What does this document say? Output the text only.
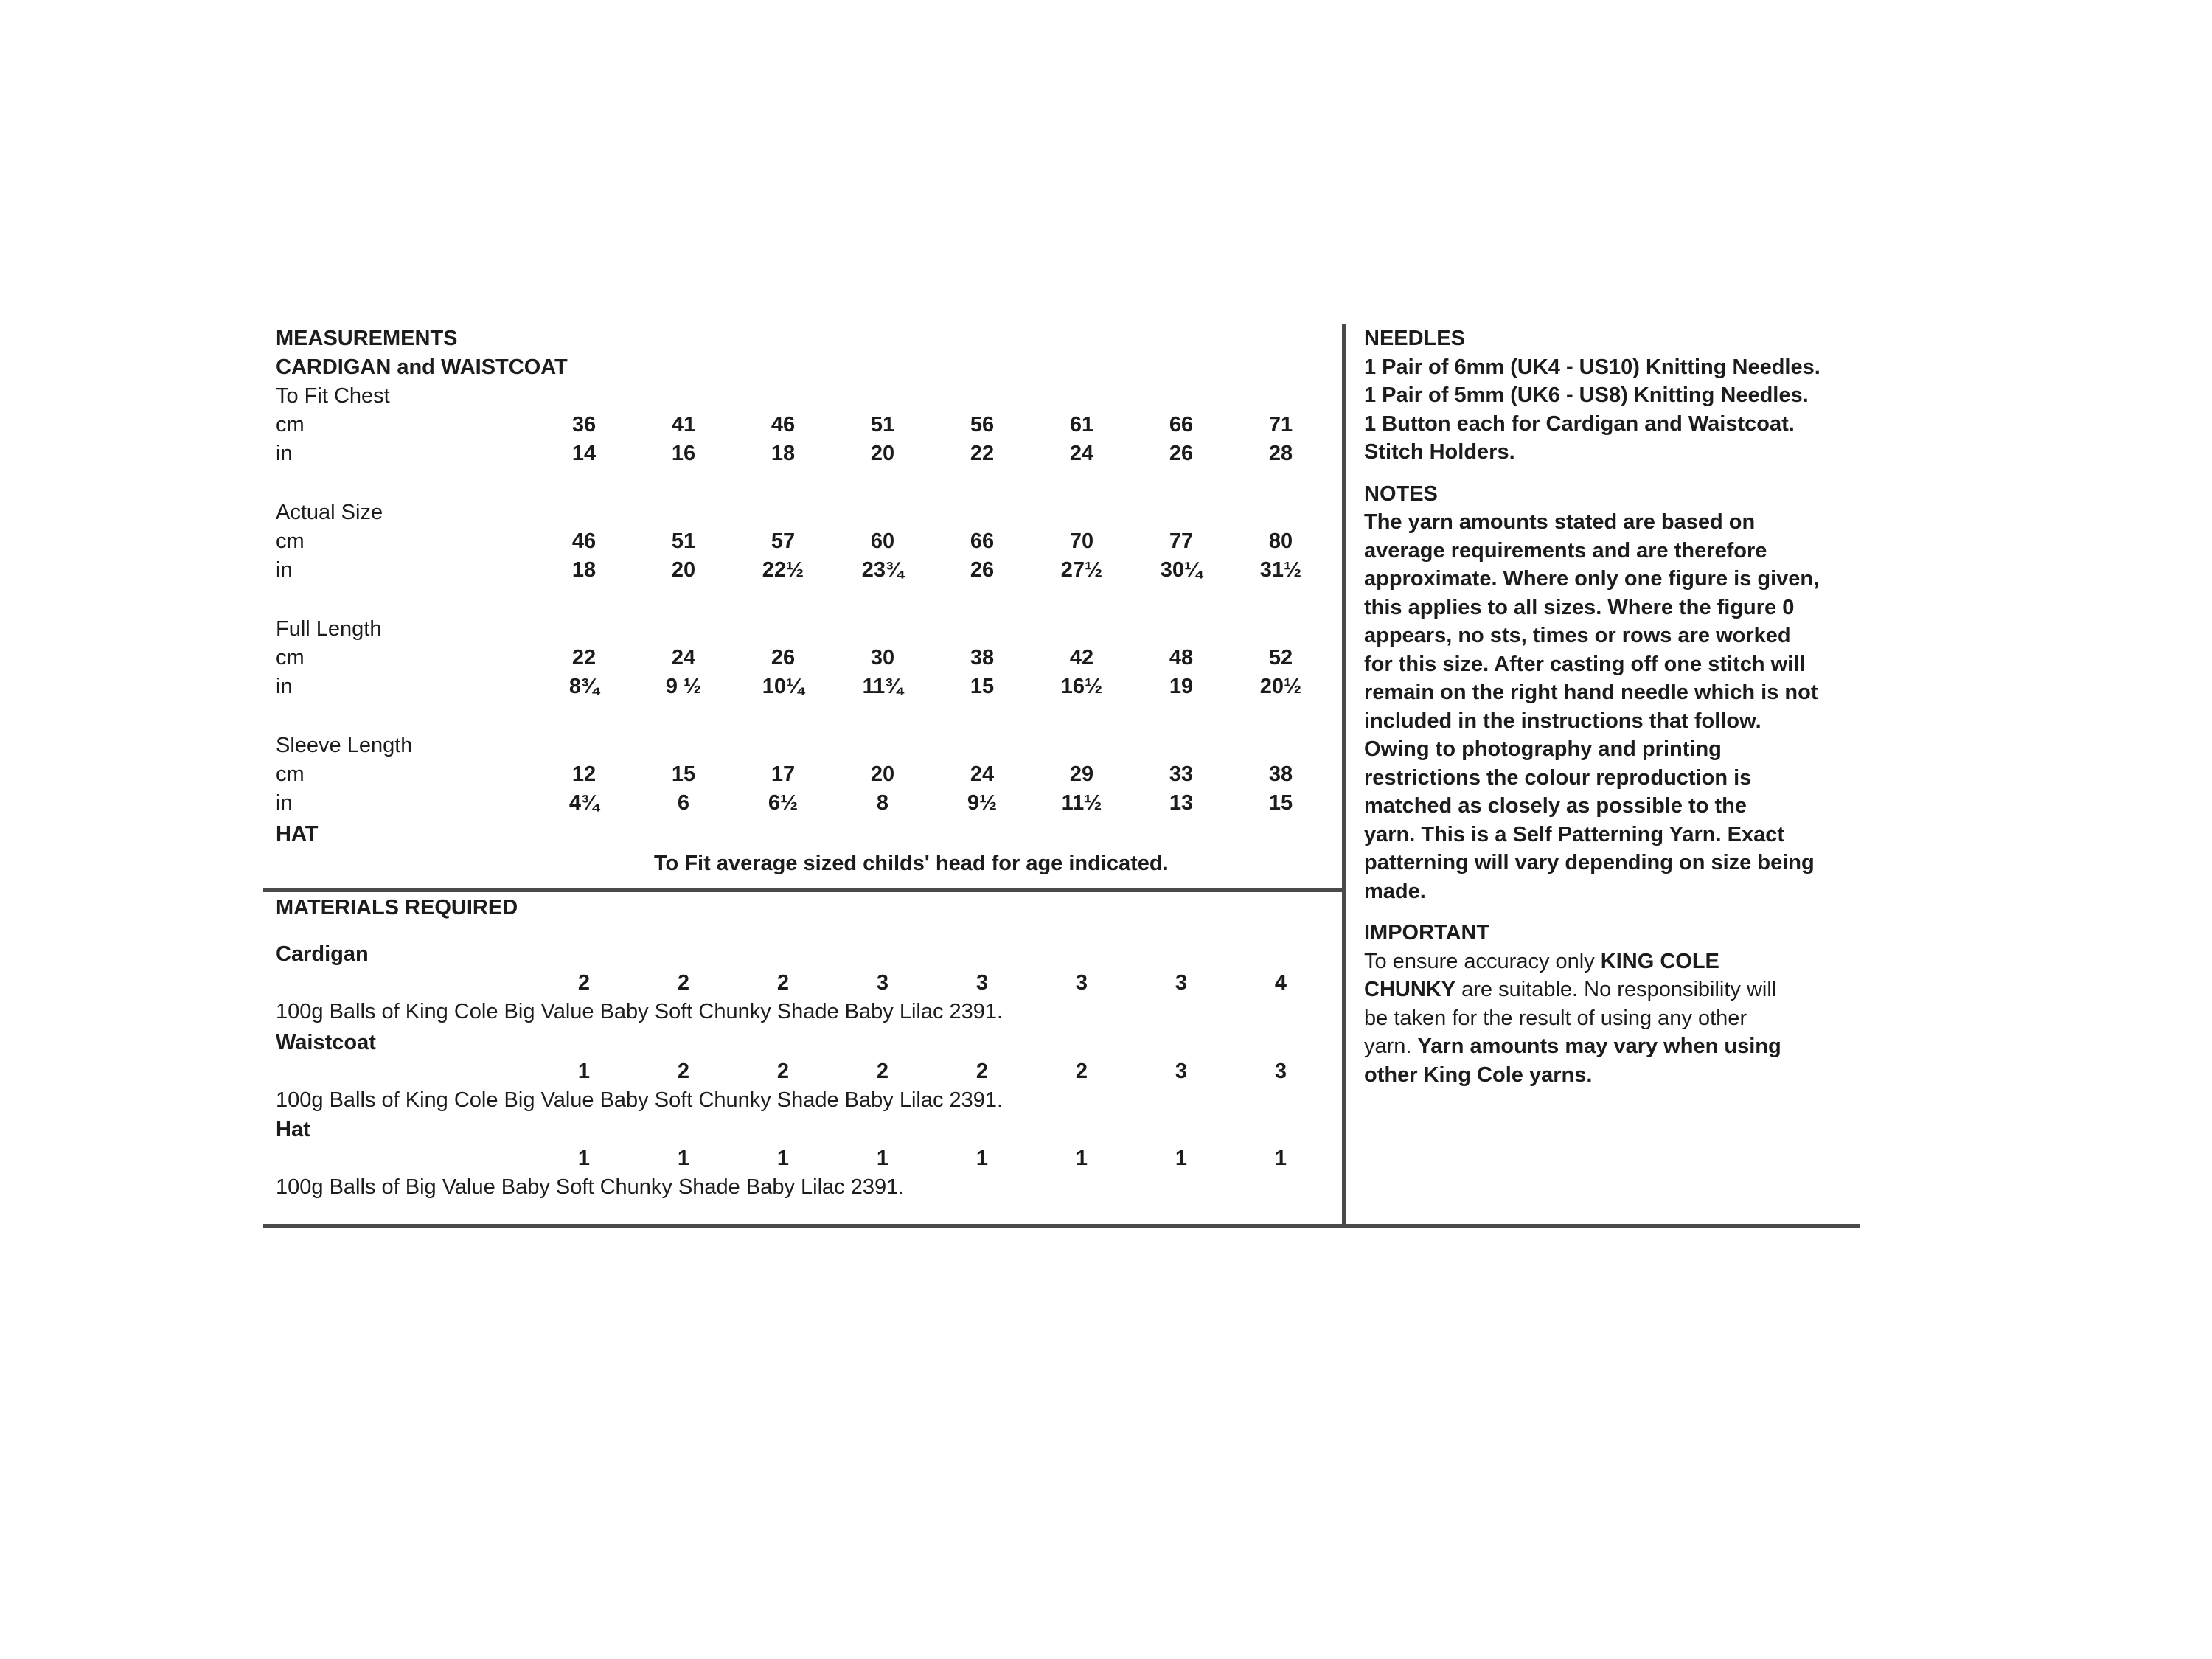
MEASUREMENTS
CARDIGAN and WAISTCOAT
To Fit Chest
cm	36	41	46	51	56	61	66	71
in	14	16	18	20	22	24	26	28
Actual Size
cm	46	51	57	60	66	70	77	80
in	18	20	22½	23¾	26	27½	30¼	31½
Full Length
cm	22	24	26	30	38	42	48	52
in	8¾	9 ½	10¼	11¾	15	16½	19	20½
Sleeve Length
cm	12	15	17	20	24	29	33	38
in	4¾	6	6½	8	9½	11½	13	15
HAT
To Fit average sized childs' head for age indicated.
MATERIALS REQUIRED
Cardigan
2	2	2	3	3	3	3	4
100g Balls of King Cole Big Value Baby Soft Chunky Shade Baby Lilac 2391.
Waistcoat
1	2	2	2	2	2	3	3
100g Balls of King Cole Big Value Baby Soft Chunky Shade Baby Lilac 2391.
Hat
1	1	1	1	1	1	1	1
100g Balls of Big Value Baby Soft Chunky Shade Baby Lilac 2391.
NEEDLES
1 Pair of 6mm (UK4 - US10) Knitting Needles.
1 Pair of 5mm (UK6 - US8) Knitting Needles.
1 Button each for Cardigan and Waistcoat.
Stitch Holders.
NOTES
The yarn amounts stated are based on
average requirements and are therefore
approximate. Where only one figure is given,
this applies to all sizes. Where the figure 0
appears, no sts, times or rows are worked
for this size. After casting off one stitch will
remain on the right hand needle which is not
included in the instructions that follow.
Owing to photography and printing
restrictions the colour reproduction is
matched as closely as possible to the
yarn. This is a Self Patterning Yarn. Exact
patterning will vary depending on size being
made.
IMPORTANT
To ensure accuracy only KING COLE
CHUNKY are suitable. No responsibility will
be taken for the result of using any other
yarn. Yarn amounts may vary when using
other King Cole yarns.
